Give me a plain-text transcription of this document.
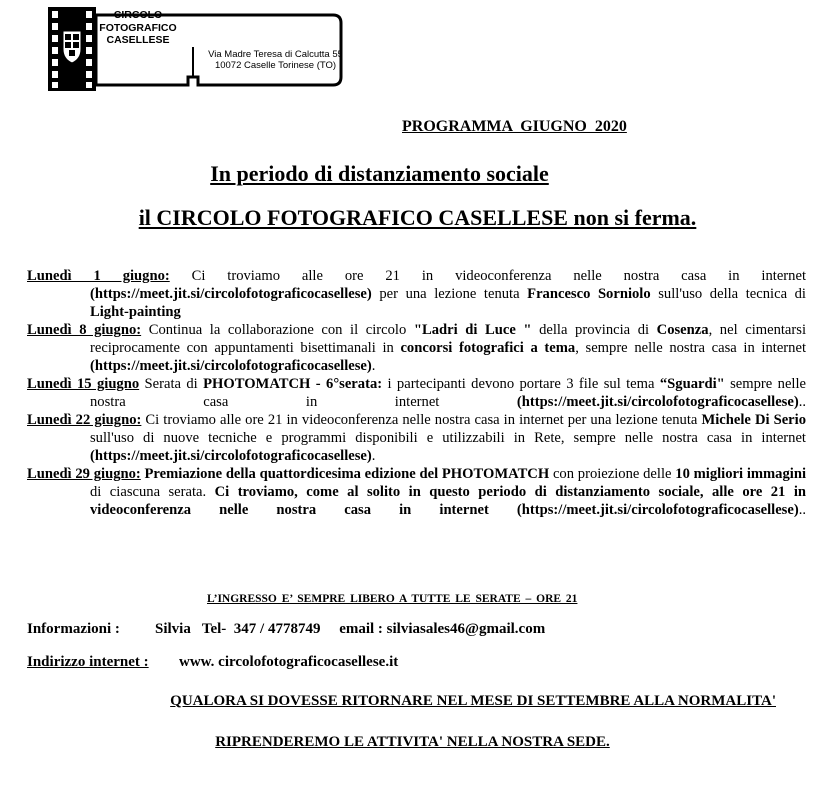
CIRCOLO
FOTOGRAFICO
CASELLESE
Via Madre Teresa di Calcutta 55
10072 Caselle Torinese (TO)
PROGRAMMA GIUGNO 2020
In periodo di distanziamento sociale
il CIRCOLO FOTOGRAFICO CASELLESE non si ferma.
Lunedì 1 giugno: Ci troviamo alle ore 21 in videoconferenza nelle nostra casa in internet (https://meet.jit.si/circolofotograficocasellese) per una lezione tenuta Francesco Sorniolo sull'uso della tecnica di Light-painting
Lunedì 8 giugno: Continua la collaborazione con il circolo "Ladri di Luce " della provincia di Cosenza, nel cimentarsi reciprocamente con appuntamenti bisettimanali in concorsi fotografici a tema, sempre nelle nostra casa in internet (https://meet.jit.si/circolofotograficocasellese).
Lunedì 15 giugno Serata di PHOTOMATCH - 6°serata: i partecipanti devono portare 3 file sul tema “Sguardi" sempre nelle nostra casa in internet (https://meet.jit.si/circolofotograficocasellese)..
Lunedì 22 giugno: Ci troviamo alle ore 21 in videoconferenza nelle nostra casa in internet per una lezione tenuta Michele Di Serio sull'uso di nuove tecniche e programmi disponibili e utilizzabili in Rete, sempre nelle nostra casa in internet (https://meet.jit.si/circolofotograficocasellese).
Lunedì 29 giugno: Premiazione della quattordicesima edizione del PHOTOMATCH con proiezione delle 10 migliori immagini di ciascuna serata. Ci troviamo, come al solito in questo periodo di distanziamento sociale, alle ore 21 in videoconferenza nelle nostra casa in internet (https://meet.jit.si/circolofotograficocasellese)..
L’INGRESSO E’ SEMPRE LIBERO A TUTTE LE SERATE – ORE 21
Informazioni : Silvia   Tel-  347 / 4778749     email : silviasales46@gmail.com
Indirizzo internet : www. circolofotograficocasellese.it
QUALORA SI DOVESSE RITORNARE NEL MESE DI SETTEMBRE ALLA NORMALITA'
RIPRENDEREMO LE ATTIVITA' NELLA NOSTRA SEDE.
